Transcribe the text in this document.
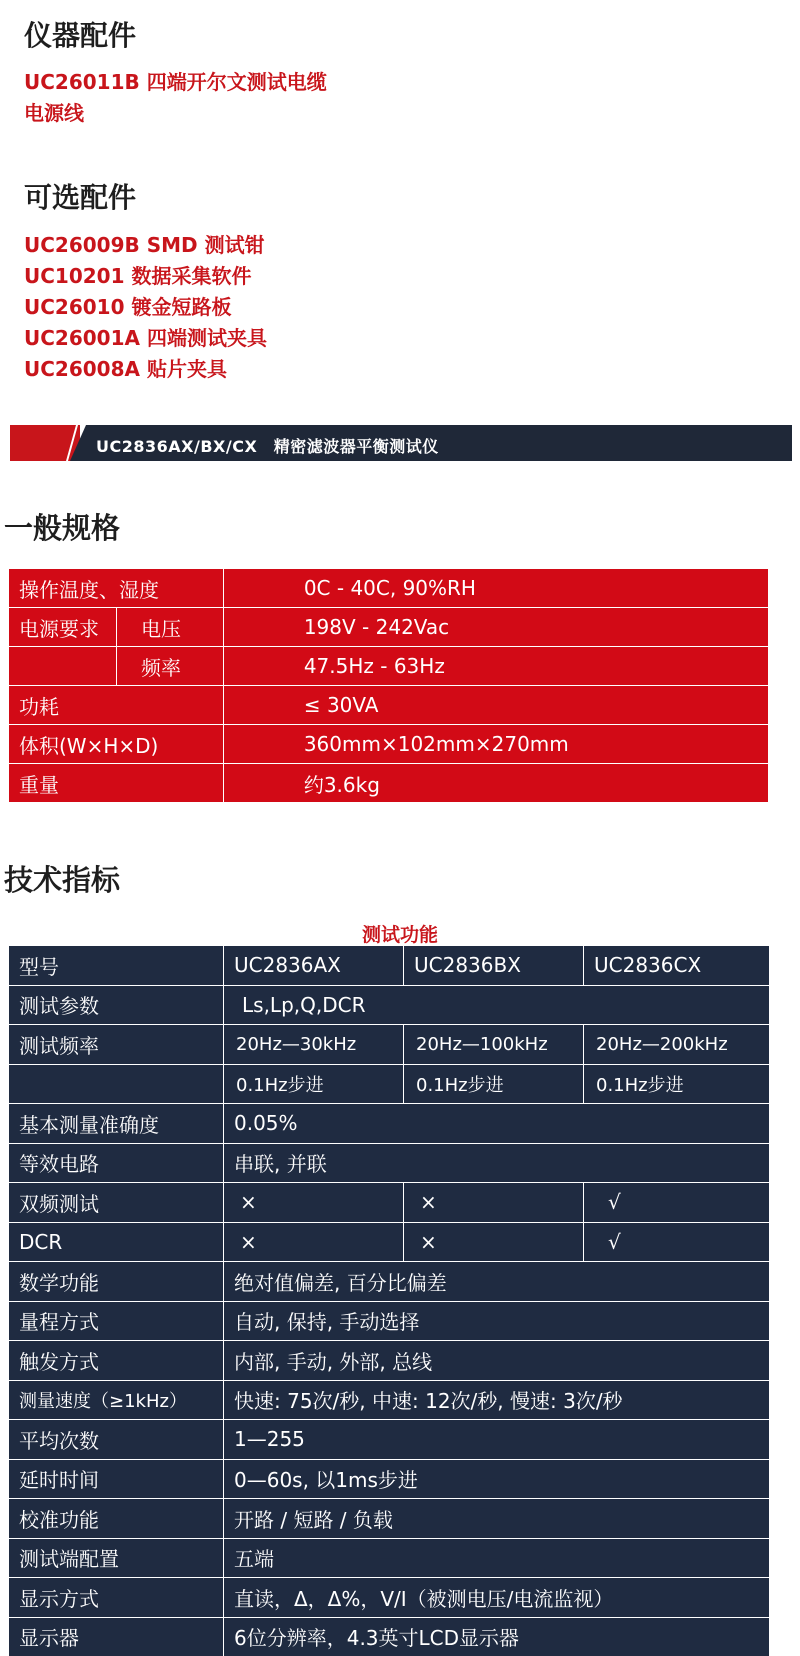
仪器配件
UC26011B 四端开尔文测试电缆
电源线
可选配件
UC26009B SMD 测试钳
UC10201 数据采集软件
UC26010 镀金短路板
UC26001A 四端测试夹具
UC26008A 贴片夹具
UC2836AX/BX/CX　精密滤波器平衡测试仪
一般规格
操作温度、湿度		0C - 40C, 90%RH
电源要求	电压	198V - 242Vac
	频率	47.5Hz - 63Hz
功耗		≤ 30VA
体积(W×H×D)		360mm×102mm×270mm
重量		约3.6kg
技术指标
测试功能
型号	UC2836AX	UC2836BX	UC2836CX
测试参数	Ls,Lp,Q,DCR		
测试频率	20Hz—30kHz	20Hz—100kHz	20Hz—200kHz
	0.1Hz步进	0.1Hz步进	0.1Hz步进
基本测量准确度	0.05%		
等效电路	串联, 并联		
双频测试	×	×	√
DCR	×	×	√
数学功能	绝对值偏差, 百分比偏差		
量程方式	自动, 保持, 手动选择		
触发方式	内部, 手动, 外部, 总线		
测量速度（≥1kHz）	快速: 75次/秒, 中速: 12次/秒, 慢速: 3次/秒		
平均次数	1—255		
延时时间	0—60s, 以1ms步进		
校准功能	开路 / 短路 / 负载		
测试端配置	五端		
显示方式	直读，Δ，Δ%，V/I（被测电压/电流监视）		
显示器	6位分辨率，4.3英寸LCD显示器		
